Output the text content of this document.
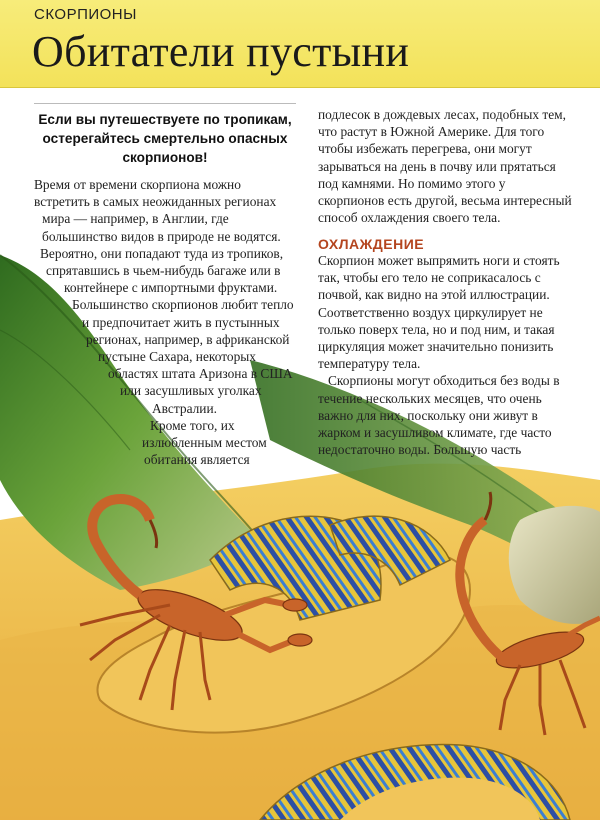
СКОРПИОНЫ
Обитатели пустыни
Если вы путешествуете по тропикам,
остерегайтесь смертельно опасных
скорпионов!
Время от времени скорпиона можно
встретить в самых неожиданных регионах
мира — например, в Англии, где
большинство видов в природе не водятся.
Вероятно, они попадают туда из тропиков,
спрятавшись в чьем-нибудь багаже или в
контейнере с импортными фруктами.
Большинство скорпионов любит тепло
и предпочитает жить в пустынных
регионах, например, в африканской
пустыне Сахара, некоторых
областях штата Аризона в США
или засушливых уголках
Австралии.
Кроме того, их
излюбленным местом
обитания является
подлесок в дождевых лесах, подобных тем,
что растут в Южной Америке. Для того
чтобы избежать перегрева, они могут
зарываться на день в почву или прятаться
под камнями. Но помимо этого у
скорпионов есть другой, весьма интересный
способ охлаждения своего тела.
ОХЛАЖДЕНИЕ
Скорпион может выпрямить ноги и стоять
так, чтобы его тело не соприкасалось с
почвой, как видно на этой иллюстрации.
Соответственно воздух циркулирует не
только поверх тела, но и под ним, и такая
циркуляция может значительно понизить
температуру тела.
Скорпионы могут обходиться без воды в
течение нескольких месяцев, что очень
важно для них, поскольку они живут в
жарком и засушливом климате, где часто
недостаточно воды. Большую часть
